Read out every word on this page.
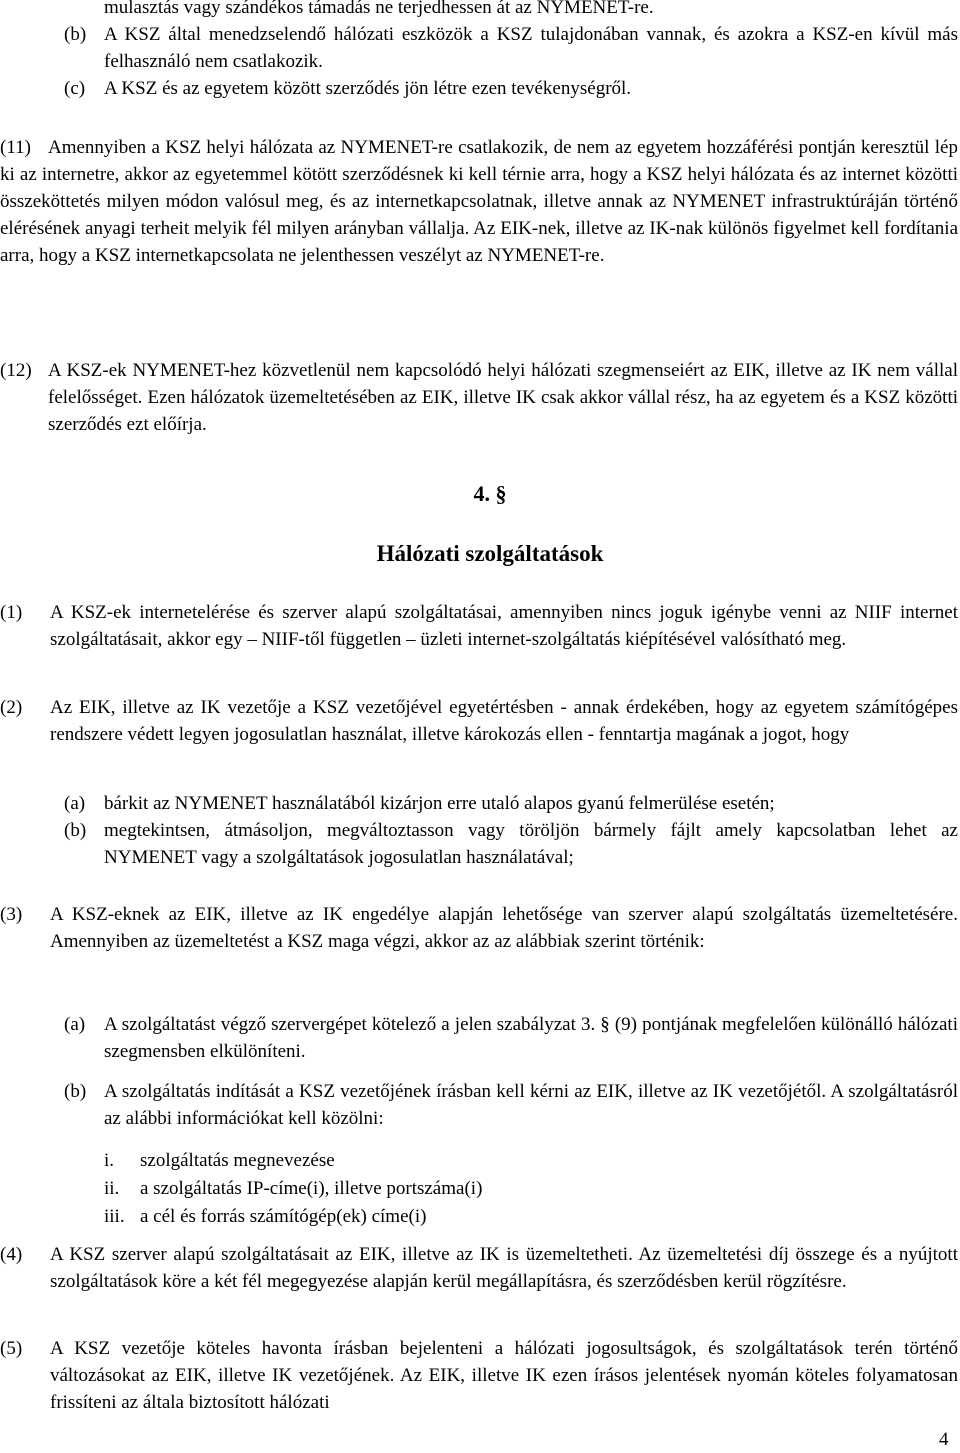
mulasztás vagy szándékos támadás ne terjedhessen át az NYMENET-re.
(b) A KSZ által menedzselendő hálózati eszközök a KSZ tulajdonában vannak, és azokra a KSZ-en kívül más felhasználó nem csatlakozik.
(c) A KSZ és az egyetem között szerződés jön létre ezen tevékenységről.
(11) Amennyiben a KSZ helyi hálózata az NYMENET-re csatlakozik, de nem az egyetem hozzáférési pontján keresztül lép ki az internetre, akkor az egyetemmel kötött szerződésnek ki kell térnie arra, hogy a KSZ helyi hálózata és az internet közötti összeköttetés milyen módon valósul meg, és az internetkapcsolatnak, illetve annak az NYMENET infrastruktúráján történő elérésének anyagi terheit melyik fél milyen arányban vállalja. Az EIK-nek, illetve az IK-nak különös figyelmet kell fordítania arra, hogy a KSZ internetkapcsolata ne jelenthessen veszélyt az NYMENET-re.
(12) A KSZ-ek NYMENET-hez közvetlenül nem kapcsolódó helyi hálózati szegmenseiért az EIK, illetve az IK nem vállal felelősséget. Ezen hálózatok üzemeltetésében az EIK, illetve IK csak akkor vállal rész, ha az egyetem és a KSZ közötti szerződés ezt előírja.
4. §
Hálózati szolgáltatások
(1)	A KSZ-ek internetelérése és szerver alapú szolgáltatásai, amennyiben nincs joguk igénybe venni az NIIF internet szolgáltatásait, akkor egy – NIIF-től független – üzleti internet-szolgáltatás kiépítésével valósítható meg.
(2)	Az EIK, illetve az IK vezetője a KSZ vezetőjével egyetértésben - annak érdekében, hogy az egyetem számítógépes rendszere védett legyen jogosulatlan használat, illetve károkozás ellen - fenntartja magának a jogot, hogy
(a) bárkit az NYMENET használatából kizárjon erre utaló alapos gyanú felmerülése esetén;
(b) megtekintsen, átmásoljon, megváltoztasson vagy töröljön bármely fájlt amely kapcsolatban lehet az NYMENET vagy a szolgáltatások jogosulatlan használatával;
(3)	A KSZ-eknek az EIK, illetve az IK engedélye alapján lehetősége van szerver alapú szolgáltatás üzemeltetésére. Amennyiben az üzemeltetést a KSZ maga végzi, akkor az az alábbiak szerint történik:
(a) A szolgáltatást végző szervergépet kötelező a jelen szabályzat 3. § (9) pontjának megfelelően különálló hálózati szegmensben elkülöníteni.
(b) A szolgáltatás indítását a KSZ vezetőjének írásban kell kérni az EIK, illetve az IK vezetőjétől. A szolgáltatásról az alábbi információkat kell közölni:
i.	szolgáltatás megnevezése
ii.	a szolgáltatás IP-címe(i), illetve portszáma(i)
iii. a cél és forrás számítógép(ek) címe(i)
(4)	A KSZ szerver alapú szolgáltatásait az EIK, illetve az IK is üzemeltetheti. Az üzemeltetési díj összege és a nyújtott szolgáltatások köre a két fél megegyezése alapján kerül megállapításra, és szerződésben kerül rögzítésre.
(5)	A KSZ vezetője köteles havonta írásban bejelenteni a hálózati jogosultságok, és szolgáltatások terén történő változásokat az EIK, illetve IK vezetőjének. Az EIK, illetve IK ezen írásos jelentések nyomán köteles folyamatosan frissíteni az általa biztosított hálózati
4
